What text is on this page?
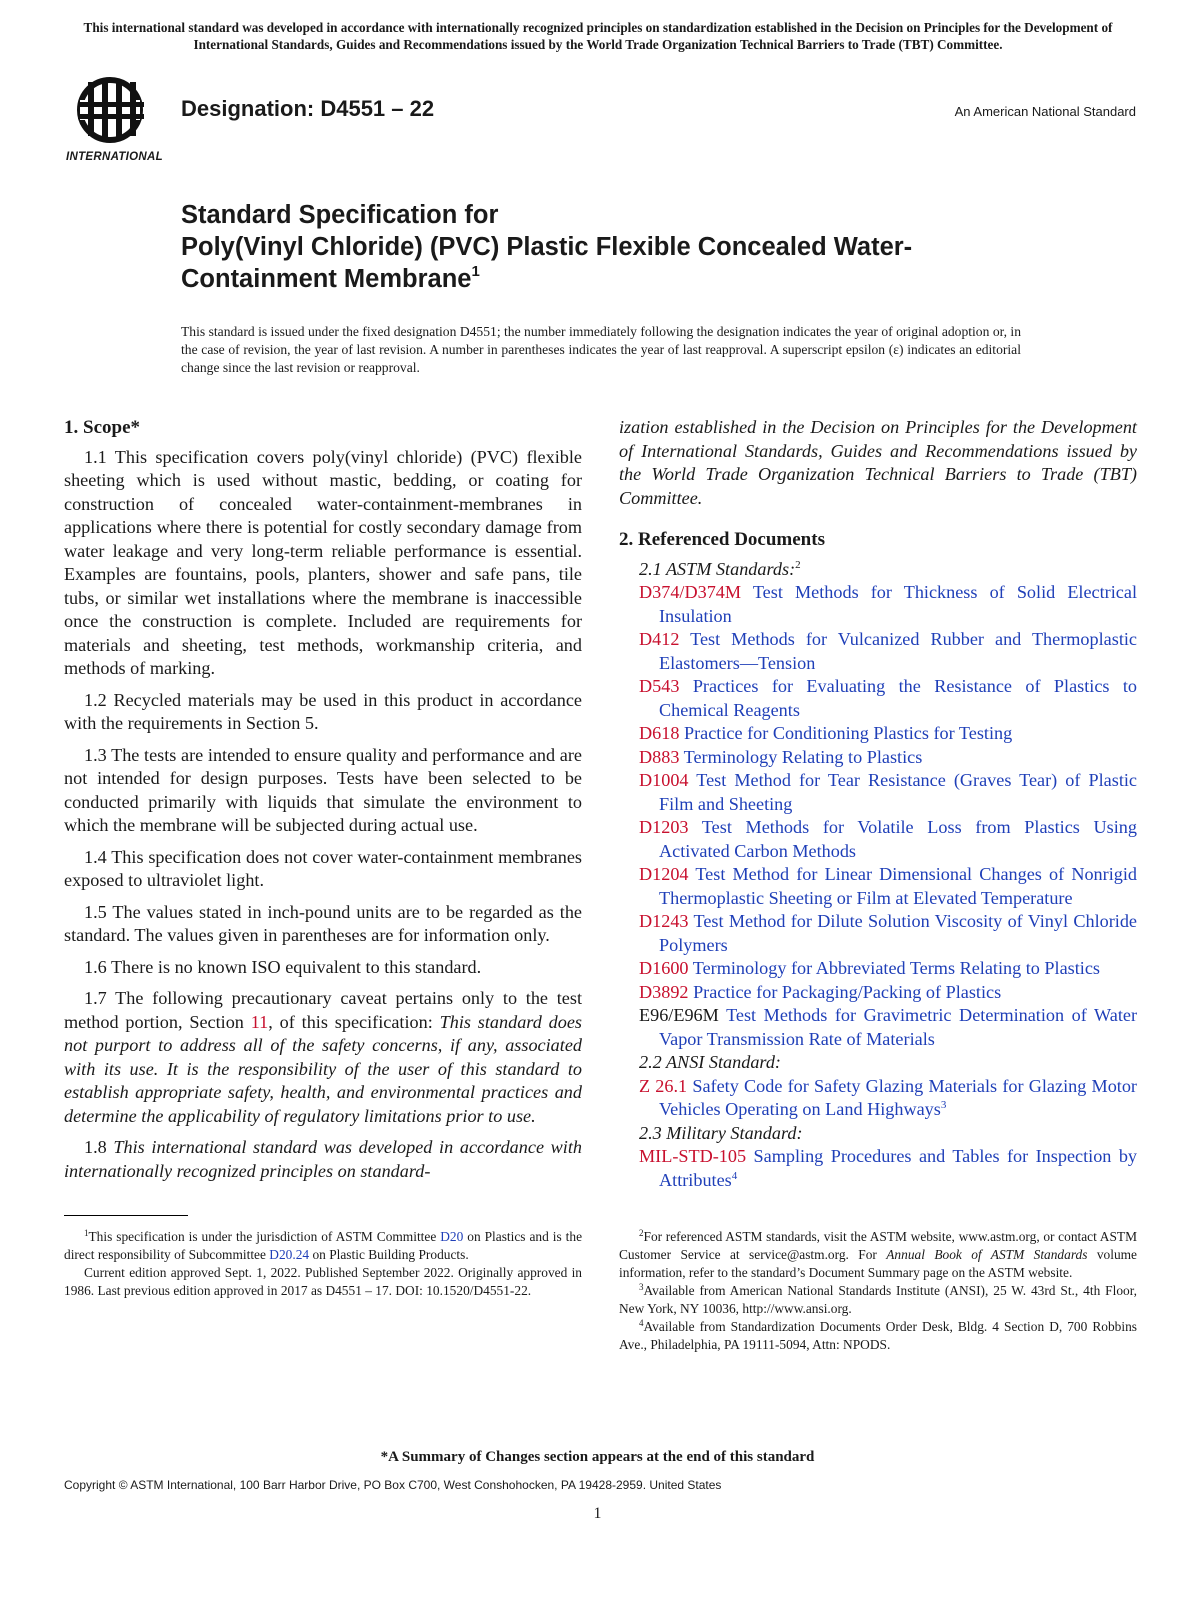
This international standard was developed in accordance with internationally recognized principles on standardization established in the Decision on Principles for the Development of International Standards, Guides and Recommendations issued by the World Trade Organization Technical Barriers to Trade (TBT) Committee.
INTERNATIONAL
Designation: D4551 – 22	An American National Standard
Standard Specification for
Poly(Vinyl Chloride) (PVC) Plastic Flexible Concealed Water-
Containment Membrane$^1$
This standard is issued under the fixed designation D4551; the number immediately following the designation indicates the year of original adoption or, in the case of revision, the year of last revision. A number in parentheses indicates the year of last reapproval. A superscript epsilon (ε) indicates an editorial change since the last revision or reapproval.
1. Scope*

1.1 This specification covers poly(vinyl chloride) (PVC) flexible sheeting which is used without mastic, bedding, or coating for construction of concealed water-containment-membranes in applications where there is potential for costly secondary damage from water leakage and very long-term reliable performance is essential. Examples are fountains, pools, planters, shower and safe pans, tile tubs, or similar wet installations where the membrane is inaccessible once the construction is complete. Included are requirements for materials and sheeting, test methods, workmanship criteria, and methods of marking.

1.2 Recycled materials may be used in this product in accordance with the requirements in Section 5.

1.3 The tests are intended to ensure quality and performance and are not intended for design purposes. Tests have been selected to be conducted primarily with liquids that simulate the environment to which the membrane will be subjected during actual use.

1.4 This specification does not cover water-containment membranes exposed to ultraviolet light.

1.5 The values stated in inch-pound units are to be regarded as the standard. The values given in parentheses are for information only.

1.6 There is no known ISO equivalent to this standard.

1.7 The following precautionary caveat pertains only to the test method portion, Section 11, of this specification: This standard does not purport to address all of the safety concerns, if any, associated with its use. It is the responsibility of the user of this standard to establish appropriate safety, health, and environmental practices and determine the applicability of regulatory limitations prior to use.

1.8 This international standard was developed in accordance with internationally recognized principles on standard-

$^1$This specification is under the jurisdiction of ASTM Committee D20 on Plastics and is the direct responsibility of Subcommittee D20.24 on Plastic Building Products.

Current edition approved Sept. 1, 2022. Published September 2022. Originally approved in 1986. Last previous edition approved in 2017 as D4551 – 17. DOI: 10.1520/D4551-22.

ization established in the Decision on Principles for the Development of International Standards, Guides and Recommendations issued by the World Trade Organization Technical Barriers to Trade (TBT) Committee.

2. Referenced Documents
2.1 ASTM Standards:$^2$
D374/D374M Test Methods for Thickness of Solid Electrical Insulation
D412 Test Methods for Vulcanized Rubber and Thermoplastic Elastomers—Tension
D543 Practices for Evaluating the Resistance of Plastics to Chemical Reagents
D618 Practice for Conditioning Plastics for Testing
D883 Terminology Relating to Plastics
D1004 Test Method for Tear Resistance (Graves Tear) of Plastic Film and Sheeting
D1203 Test Methods for Volatile Loss from Plastics Using Activated Carbon Methods
D1204 Test Method for Linear Dimensional Changes of Nonrigid Thermoplastic Sheeting or Film at Elevated Temperature
D1243 Test Method for Dilute Solution Viscosity of Vinyl Chloride Polymers
D1600 Terminology for Abbreviated Terms Relating to Plastics
D3892 Practice for Packaging/Packing of Plastics
E96/E96M Test Methods for Gravimetric Determination of Water Vapor Transmission Rate of Materials
2.2 ANSI Standard:
Z 26.1 Safety Code for Safety Glazing Materials for Glazing Motor Vehicles Operating on Land Highways$^3$
2.3 Military Standard:
MIL-STD-105 Sampling Procedures and Tables for Inspection by Attributes$^4$

$^2$For referenced ASTM standards, visit the ASTM website, www.astm.org, or contact ASTM Customer Service at service@astm.org. For Annual Book of ASTM Standards volume information, refer to the standard’s Document Summary page on the ASTM website.

$^3$Available from American National Standards Institute (ANSI), 25 W. 43rd St., 4th Floor, New York, NY 10036, http://www.ansi.org.

$^4$Available from Standardization Documents Order Desk, Bldg. 4 Section D, 700 Robbins Ave., Philadelphia, PA 19111-5094, Attn: NPODS.

*A Summary of Changes section appears at the end of this standard
Copyright © ASTM International, 100 Barr Harbor Drive, PO Box C700, West Conshohocken, PA 19428-2959. United States
1
